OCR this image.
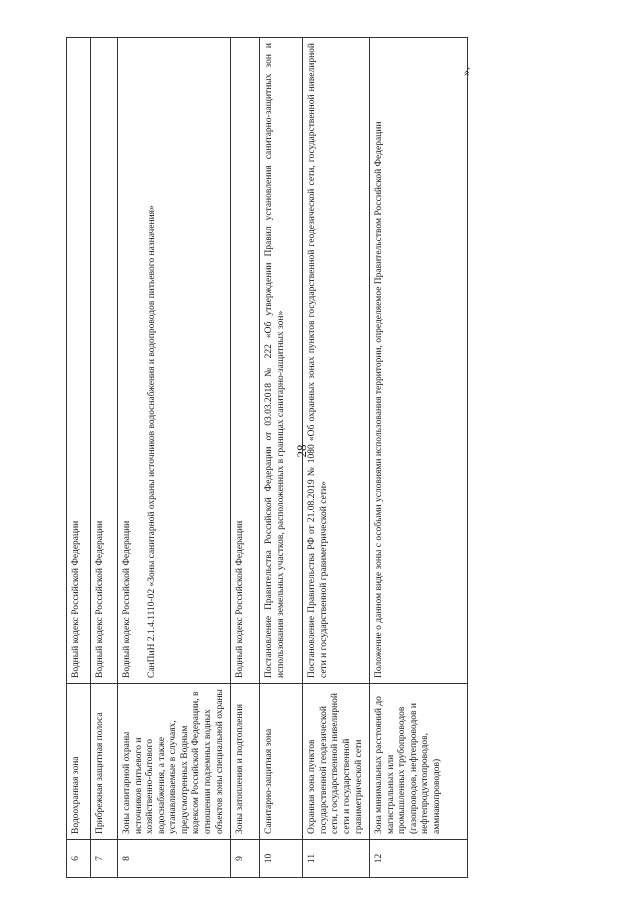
28
».
6	Водоохранная зона	Водный кодекс Российской Федерации

7	Прибрежная защитная полоса	Водный кодекс Российской Федерации

8	Зоны санитарной охраны источников питьевого и хозяйственно-бытового водоснабжения, а также устанавливаемые в случаях, предусмотренных Водным кодексом Российской Федерации, в отношении подземных водных объектов зоны специальной охраны	Водный кодекс Российской Федерации СанПиН 2.1.4.1110-02 «Зоны санитарной охраны источников водоснабжения и водопроводов питьевого назначения»

9	Зоны затопления и подтопления	Водный кодекс Российской Федерации

10	Санитарно-защитная зона	Постановление Правительства Российской Федерации от 03.03.2018 № 222 «Об утверждении Правил установления санитарно-защитных зон и использования земельных участков, расположенных в границах санитарно-защитных зон»

11	Охранная зона пунктов государственной геодезической сети, государственной нивелирной сети и государственной гравиметрической сети	Постановление Правительства РФ от 21.08.2019 № 1080 «Об охранных зонах пунктов государственной геодезической сети, государственной нивелирной сети и государственной гравиметрической сети»

12	Зона минимальных расстояний до магистральных или промышленных трубопроводов (газопроводов, нефтепроводов и нефтепродуктопроводов, аммиакопроводов)	Положение о данном виде зоны с особыми условиями использования территории, определяемое Правительством Российской Федерации
